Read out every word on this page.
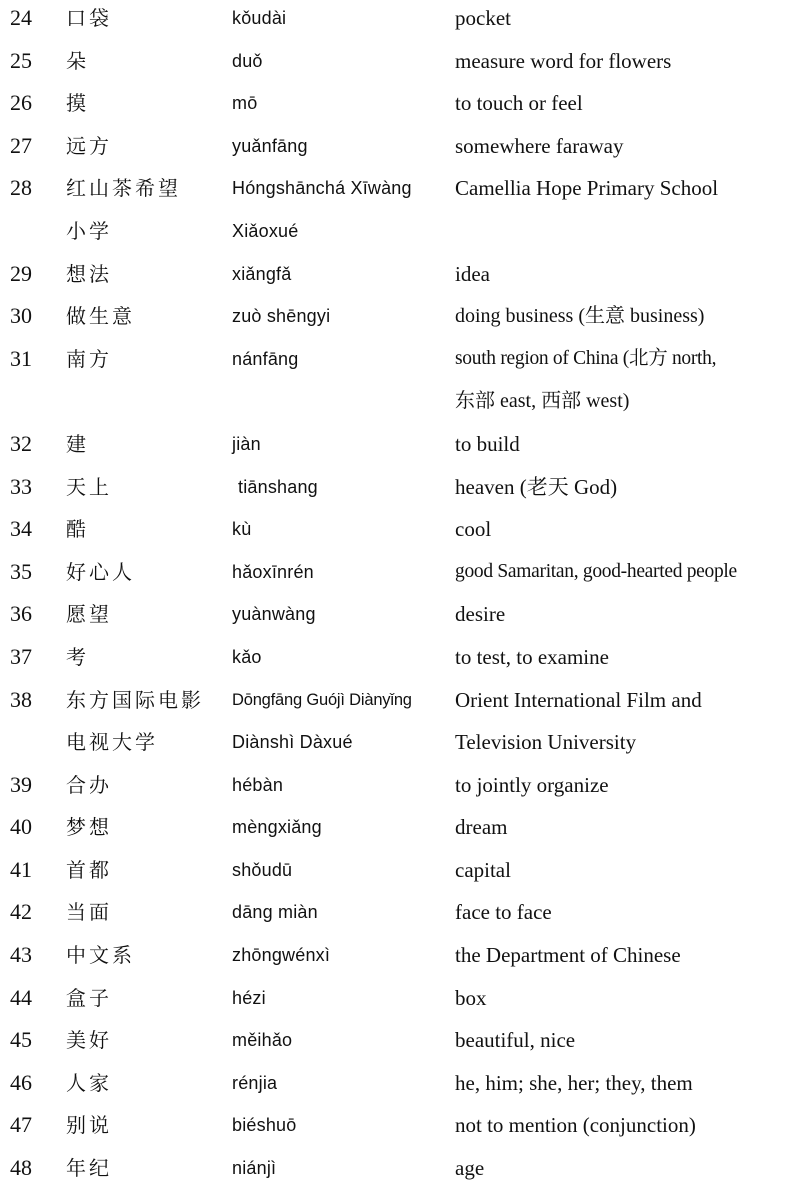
24	口袋	kǒudài	pocket
25	朵	duǒ	measure word for flowers
26	摸	mō	to touch or feel
27	远方	yuǎnfāng	somewhere faraway
28	红山茶希望	Hóngshānchá Xīwàng	Camellia Hope Primary School
小学	Xiǎoxué
29	想法	xiǎngfǎ	idea
30	做生意	zuò shēngyi	doing business (生意 business)
31	南方	nánfāng	south region of China (北方 north,
东部 east, 西部 west)
32	建	jiàn	to build
33	天上	tiānshang	heaven (老天 God)
34	酷	kù	cool
35	好心人	hǎoxīnrén	good Samaritan, good-hearted people
36	愿望	yuànwàng	desire
37	考	kǎo	to test, to examine
38	东方国际电影	Dōngfāng Guójì Diànyǐng	Orient International Film and
电视大学	Diànshì Dàxué	Television University
39	合办	hébàn	to jointly organize
40	梦想	mèngxiǎng	dream
41	首都	shǒudū	capital
42	当面	dāng miàn	face to face
43	中文系	zhōngwénxì	the Department of Chinese
44	盒子	hézi	box
45	美好	měihǎo	beautiful, nice
46	人家	rénjia	he, him; she, her; they, them
47	别说	biéshuō	not to mention (conjunction)
48	年纪	niánjì	age
